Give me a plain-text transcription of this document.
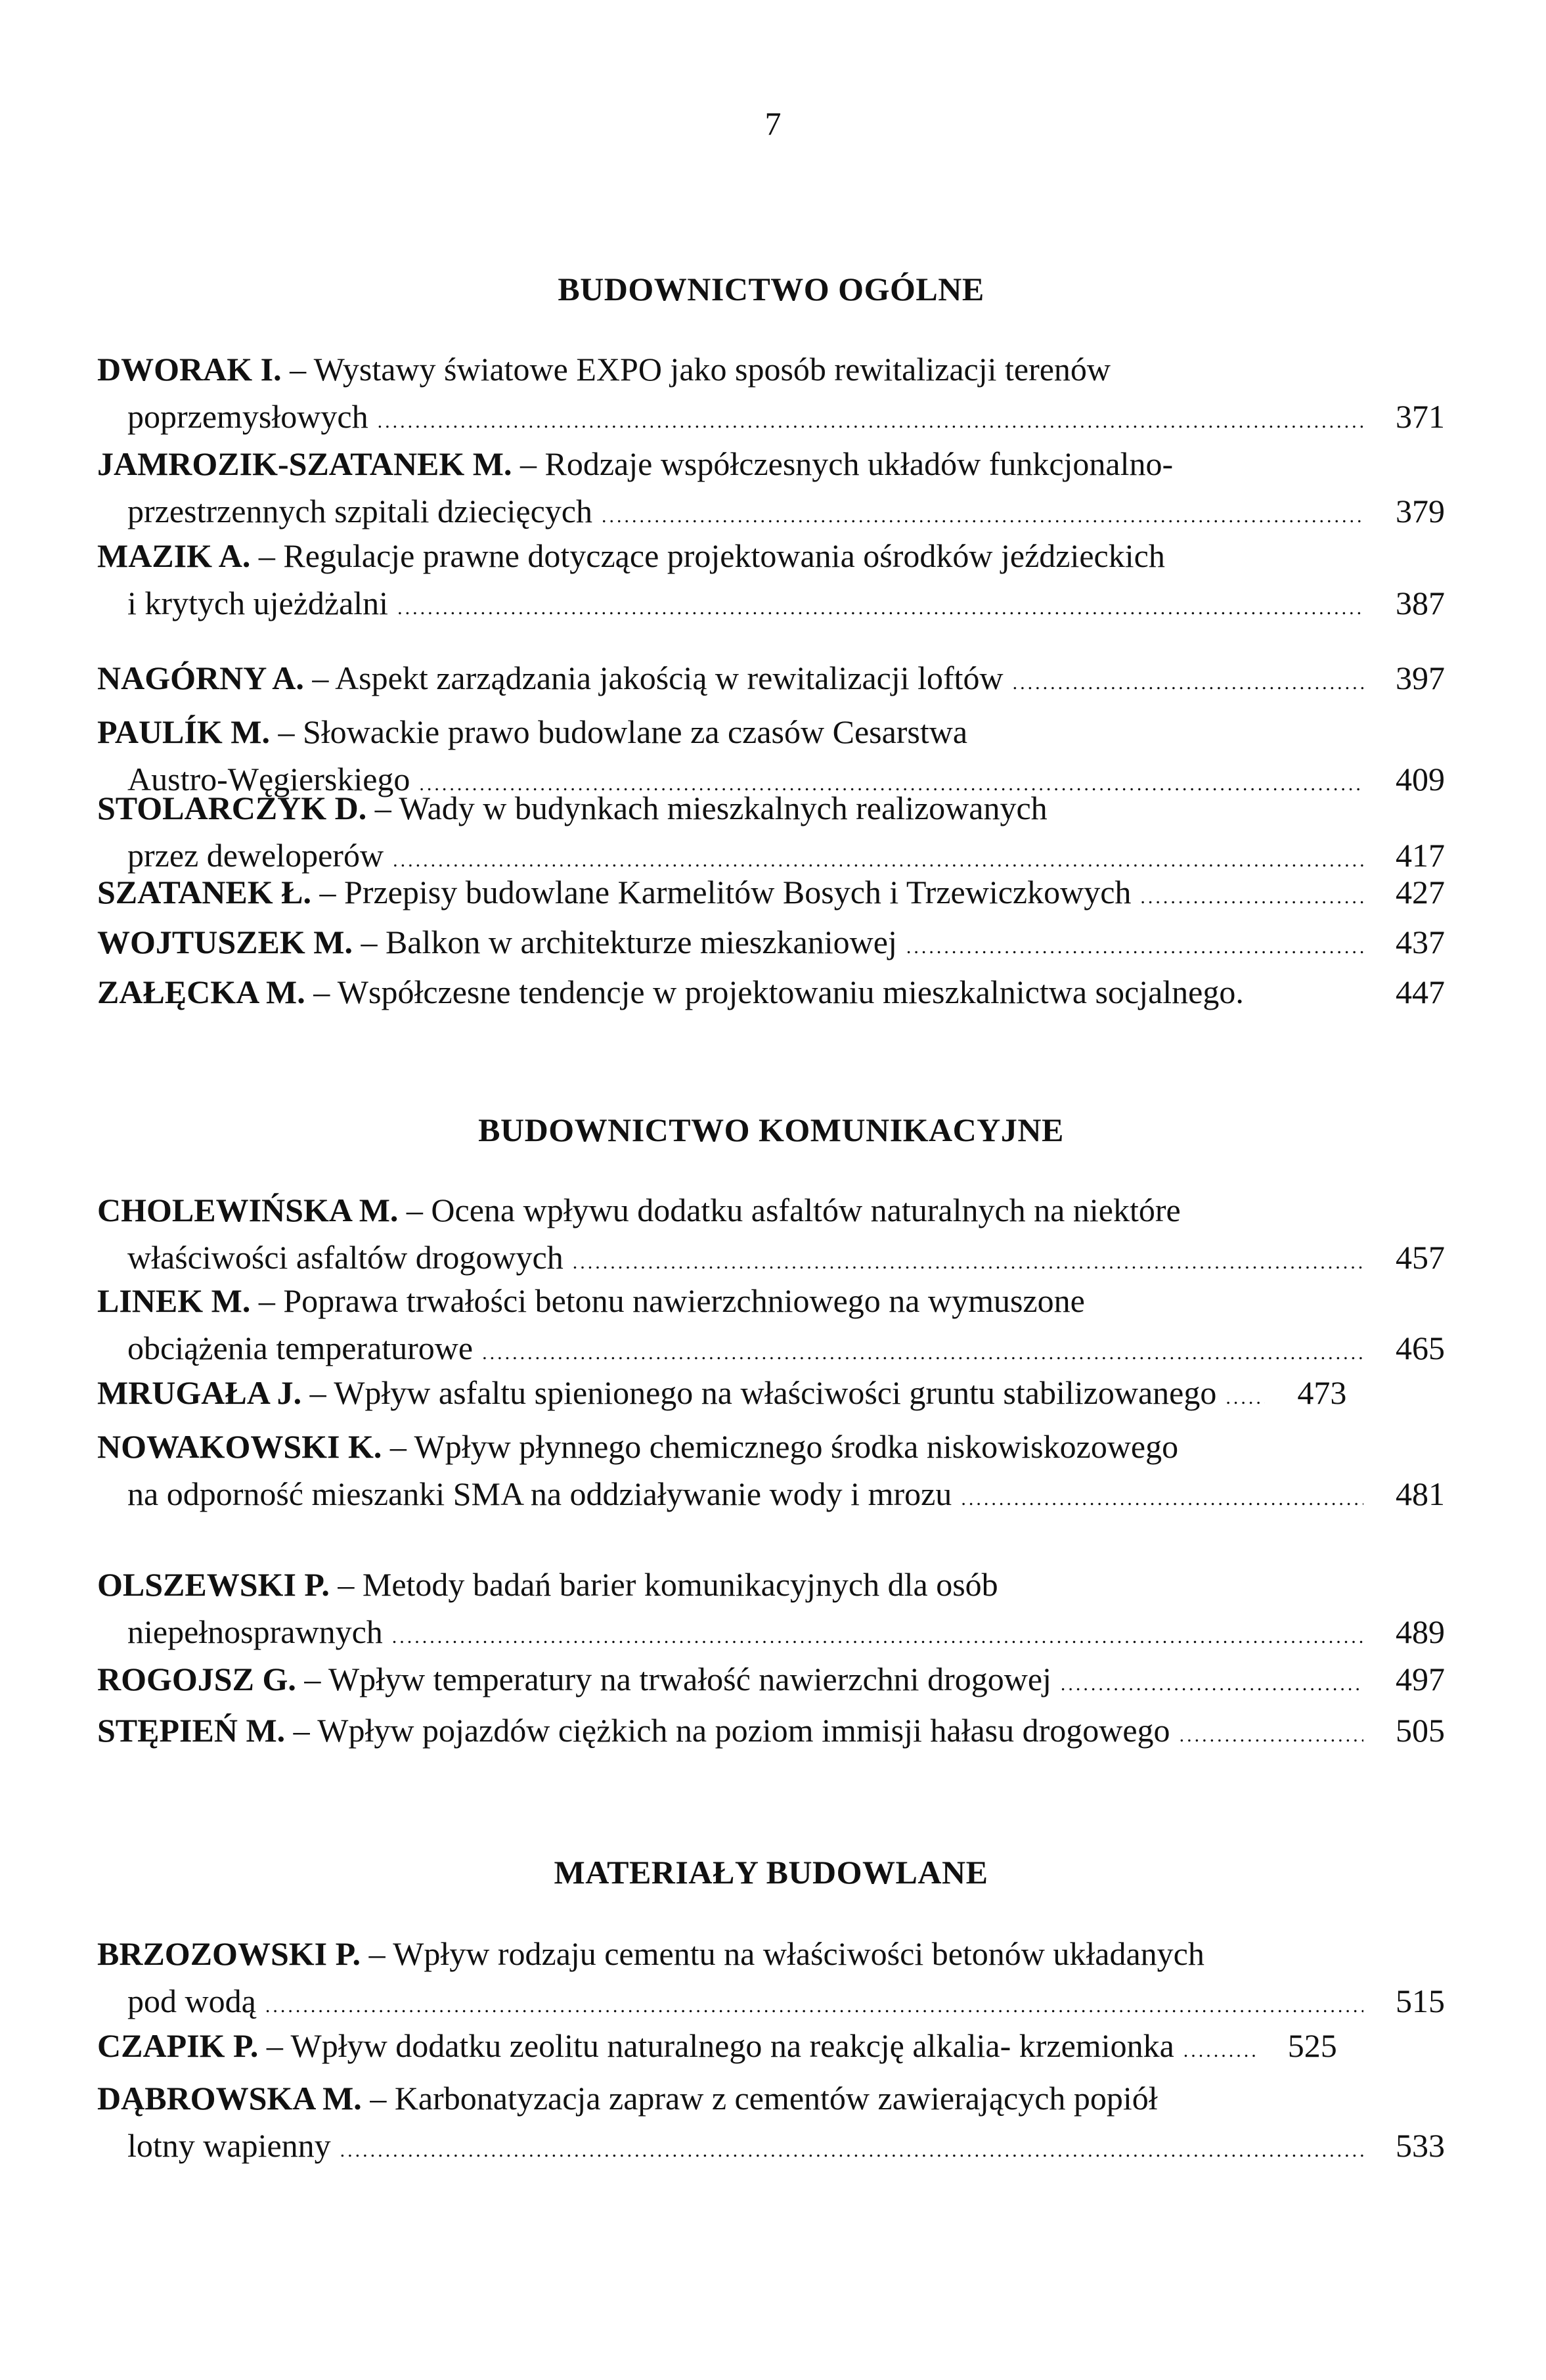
7
BUDOWNICTWO OGÓLNE
DWORAK I. – Wystawy światowe EXPO jako sposób rewitalizacji terenów
poprzemysłowych .....	371
JAMROZIK-SZATANEK M. – Rodzaje współczesnych układów funkcjonalno-
przestrzennych szpitali dziecięcych .....	379
MAZIK A. – Regulacje prawne dotyczące projektowania ośrodków jeździeckich
i krytych ujeżdżalni .....	387
NAGÓRNY A.
– Aspekt zarządzania jakością w rewitalizacji loftów .....	397
PAULÍK M. – Słowackie prawo budowlane za czasów Cesarstwa
Austro-Węgierskiego .....	409
STOLARCZYK D. – Wady w budynkach mieszkalnych realizowanych
przez deweloperów .....	417
SZATANEK Ł.
– Przepisy budowlane Karmelitów Bosych i Trzewiczkowych .....	427
WOJTUSZEK M.
– Balkon w architekturze mieszkaniowej .....	437
ZAŁĘCKA M.
– Współczesne tendencje w projektowaniu mieszkalnictwa socjalnego.	447
BUDOWNICTWO KOMUNIKACYJNE
CHOLEWIŃSKA M. – Ocena wpływu dodatku asfaltów naturalnych na niektóre
właściwości asfaltów drogowych .....	457
LINEK M. – Poprawa trwałości betonu nawierzchniowego na wymuszone
obciążenia temperaturowe .....	465
MRUGAŁA J.
– Wpływ asfaltu spienionego na właściwości gruntu stabilizowanego .....	473
NOWAKOWSKI K. – Wpływ płynnego chemicznego środka niskowiskozowego
na odporność mieszanki SMA na oddziaływanie wody i mrozu .....	481
OLSZEWSKI P. – Metody badań barier komunikacyjnych dla osób
niepełnosprawnych .....	489
ROGOJSZ G.
– Wpływ temperatury na trwałość nawierzchni drogowej .....	497
STĘPIEŃ M.
– Wpływ pojazdów ciężkich na poziom immisji hałasu drogowego .....	505
MATERIAŁY BUDOWLANE
BRZOZOWSKI P. – Wpływ rodzaju cementu na właściwości betonów układanych
pod wodą .....	515
CZAPIK P.
– Wpływ dodatku zeolitu naturalnego na reakcję alkalia- krzemionka .....	525
DĄBROWSKA M. – Karbonatyzacja zapraw z cementów zawierających popiół
lotny wapienny .....	533
